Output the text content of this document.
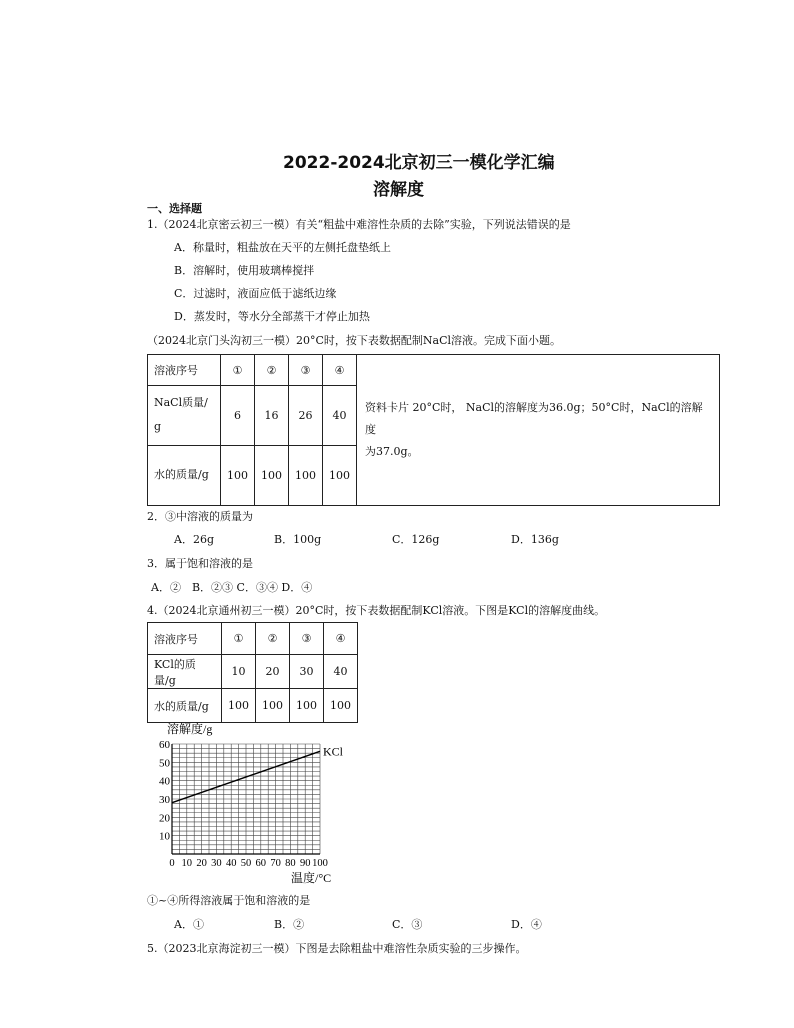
2022-2024北京初三一模化学汇编
溶解度
一、选择题
1.（2024北京密云初三一模）有关“粗盐中难溶性杂质的去除”实验，下列说法错误的是
A．称量时，粗盐放在天平的左侧托盘垫纸上
B．溶解时，使用玻璃棒搅拌
C．过滤时，液面应低于滤纸边缘
D．蒸发时，等水分全部蒸干才停止加热
（2024北京门头沟初三一模）20°C时，按下表数据配制NaCl溶液。完成下面小题。
溶液序号	①	②	③	④	资料卡片 20°C时， NaCl的溶解度为36.0g；50°C时，NaCl的溶解度
为37.0g。

NaCl质量/g	6	16	26	40	
水的质量/g	100	100	100	100	
2．③中溶液的质量为
A．26g	B．100g	C．126g	D．136g
3．属于饱和溶液的是
A．②　B．②③ C．③④ D．④
4.（2024北京通州初三一模）20°C时，按下表数据配制KCl溶液。下图是KCl的溶解度曲线。
溶液序号	①	②	③	④
KCl的质量/g	10	20	30	40
水的质量/g	100	100	100	100
10
20
30
40
50
60
0 10 20 30 40 50 60 70 80 90 100
溶解度/g
温度/°C
KCl
①~④所得溶液属于饱和溶液的是
A．①	B．②	C．③	D．④
5.（2023北京海淀初三一模）下图是去除粗盐中难溶性杂质实验的三步操作。
